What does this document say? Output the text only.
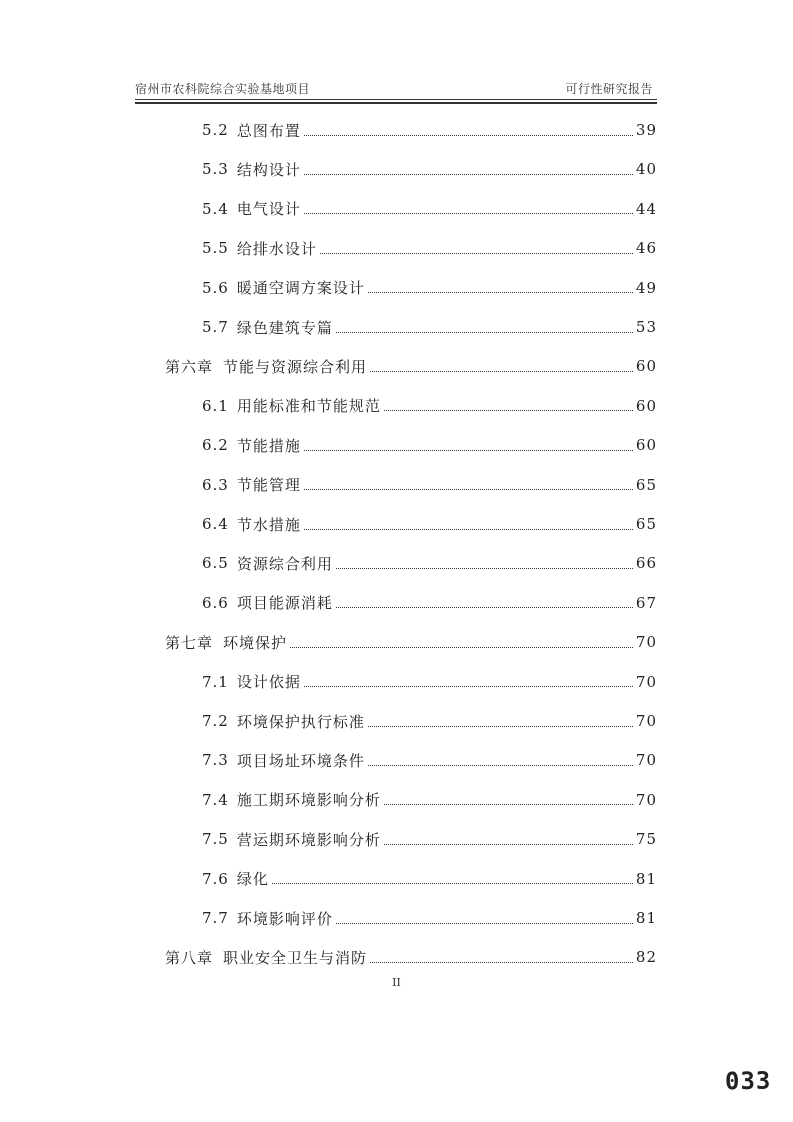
宿州市农科院综合实验基地项目	可行性研究报告
5.2 总图布置	39
5.3 结构设计	40
5.4 电气设计	44
5.5 给排水设计	46
5.6 暖通空调方案设计	49
5.7 绿色建筑专篇	53
第六章 节能与资源综合利用	60
6.1 用能标准和节能规范	60
6.2 节能措施	60
6.3 节能管理	65
6.4 节水措施	65
6.5 资源综合利用	66
6.6 项目能源消耗	67
第七章 环境保护	70
7.1 设计依据	70
7.2 环境保护执行标准	70
7.3 项目场址环境条件	70
7.4 施工期环境影响分析	70
7.5 营运期环境影响分析	75
7.6 绿化	81
7.7 环境影响评价	81
第八章 职业安全卫生与消防	82
II
033
